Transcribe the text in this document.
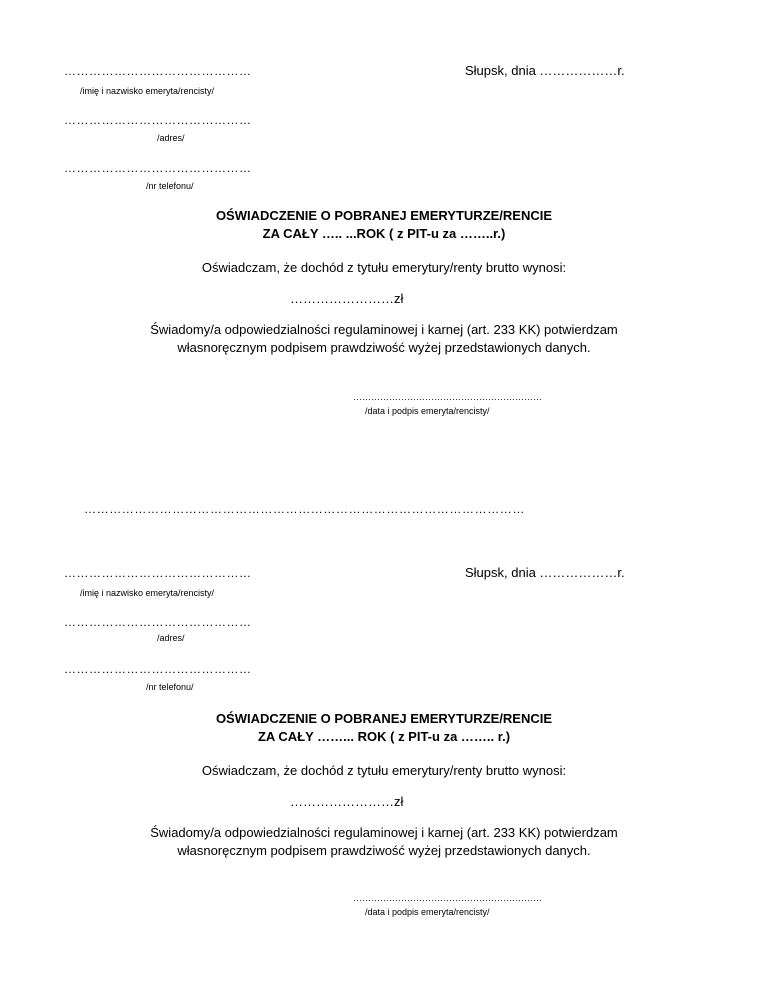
………………………………………
/imię i nazwisko emeryta/rencisty/
Słupsk, dnia ………………r.
………………………………………
/adres/
………………………………………
/nr telefonu/
OŚWIADCZENIE O POBRANEJ EMERYTURZE/RENCIE
ZA CAŁY ….. ...ROK ( z PIT-u za ……..r.)
Oświadczam, że dochód z tytułu emerytury/renty brutto wynosi:
……………………zł
Świadomy/a odpowiedzialności regulaminowej i karnej (art. 233 KK) potwierdzam
własnoręcznym podpisem prawdziwość wyżej przedstawionych danych.
………………………………………………………
/data i podpis emeryta/rencisty/
……………………………………………………………………………………………
………………………………………
/imię i nazwisko emeryta/rencisty/
Słupsk, dnia ………………r.
………………………………………
/adres/
………………………………………
/nr telefonu/
OŚWIADCZENIE O POBRANEJ EMERYTURZE/RENCIE
ZA CAŁY ……... ROK ( z PIT-u za …….. r.)
Oświadczam, że dochód z tytułu emerytury/renty brutto wynosi:
……………………zł
Świadomy/a odpowiedzialności regulaminowej i karnej (art. 233 KK) potwierdzam
własnoręcznym podpisem prawdziwość wyżej przedstawionych danych.
………………………………………………………
/data i podpis emeryta/rencisty/
